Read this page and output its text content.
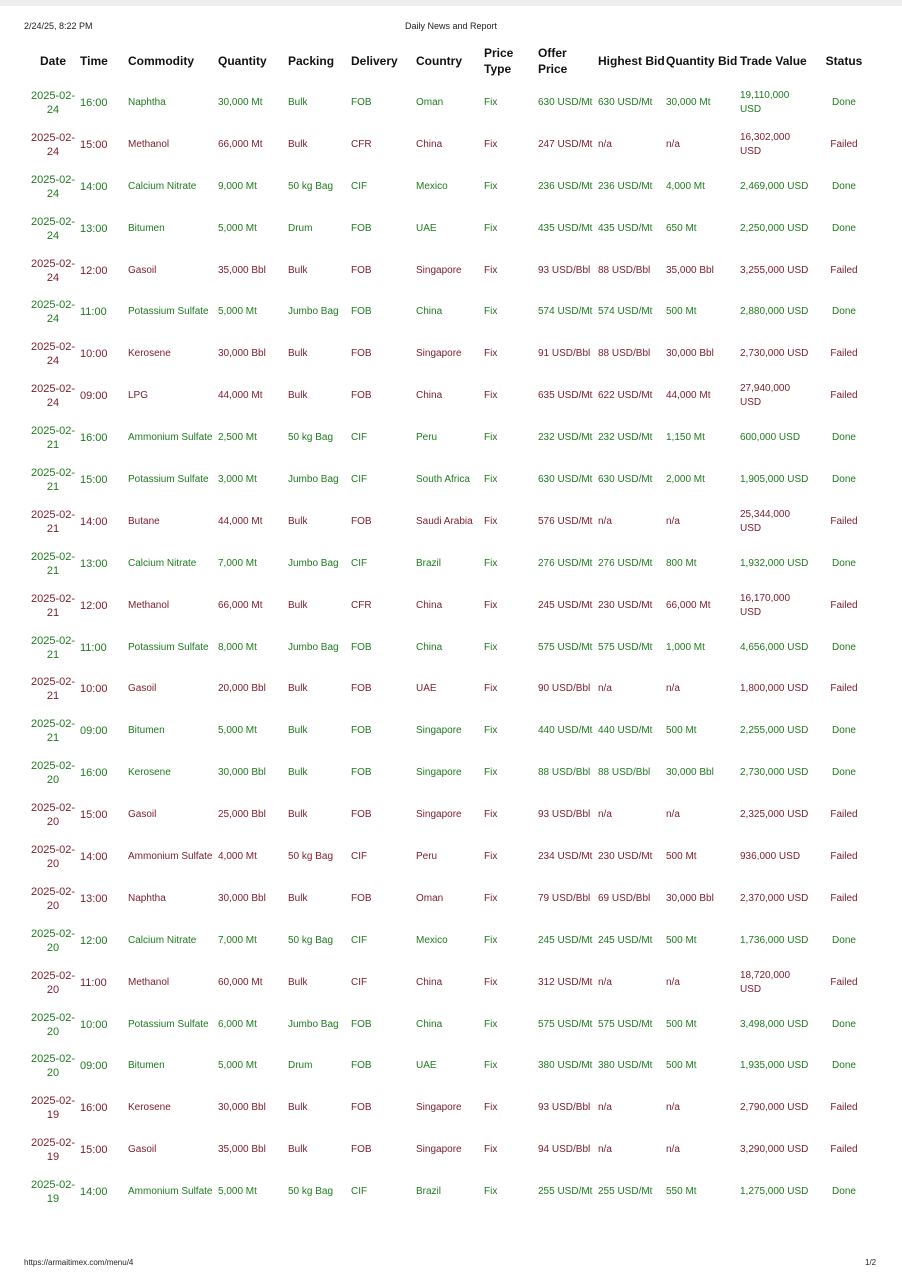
2/24/25, 8:22 PM	Daily News and Report
Date	Time	Commodity	Quantity	Packing	Delivery	Country	Price Type	Offer Price	Highest Bid	Quantity Bid	Trade Value	Status
2025-02-24	16:00	Naphtha	30,000 Mt	Bulk	FOB	Oman	Fix	630 USD/Mt	630 USD/Mt	30,000 Mt	19,110,000 USD	Done
2025-02-24	15:00	Methanol	66,000 Mt	Bulk	CFR	China	Fix	247 USD/Mt	n/a	n/a	16,302,000 USD	Failed
2025-02-24	14:00	Calcium Nitrate	9,000 Mt	50 kg Bag	CIF	Mexico	Fix	236 USD/Mt	236 USD/Mt	4,000 Mt	2,469,000 USD	Done
2025-02-24	13:00	Bitumen	5,000 Mt	Drum	FOB	UAE	Fix	435 USD/Mt	435 USD/Mt	650 Mt	2,250,000 USD	Done
2025-02-24	12:00	Gasoil	35,000 Bbl	Bulk	FOB	Singapore	Fix	93 USD/Bbl	88 USD/Bbl	35,000 Bbl	3,255,000 USD	Failed
2025-02-24	11:00	Potassium Sulfate	5,000 Mt	Jumbo Bag	FOB	China	Fix	574 USD/Mt	574 USD/Mt	500 Mt	2,880,000 USD	Done
2025-02-24	10:00	Kerosene	30,000 Bbl	Bulk	FOB	Singapore	Fix	91 USD/Bbl	88 USD/Bbl	30,000 Bbl	2,730,000 USD	Failed
2025-02-24	09:00	LPG	44,000 Mt	Bulk	FOB	China	Fix	635 USD/Mt	622 USD/Mt	44,000 Mt	27,940,000 USD	Failed
2025-02-21	16:00	Ammonium Sulfate	2,500 Mt	50 kg Bag	CIF	Peru	Fix	232 USD/Mt	232 USD/Mt	1,150 Mt	600,000 USD	Done
2025-02-21	15:00	Potassium Sulfate	3,000 Mt	Jumbo Bag	CIF	South Africa	Fix	630 USD/Mt	630 USD/Mt	2,000 Mt	1,905,000 USD	Done
2025-02-21	14:00	Butane	44,000 Mt	Bulk	FOB	Saudi Arabia	Fix	576 USD/Mt	n/a	n/a	25,344,000 USD	Failed
2025-02-21	13:00	Calcium Nitrate	7,000 Mt	Jumbo Bag	CIF	Brazil	Fix	276 USD/Mt	276 USD/Mt	800 Mt	1,932,000 USD	Done
2025-02-21	12:00	Methanol	66,000 Mt	Bulk	CFR	China	Fix	245 USD/Mt	230 USD/Mt	66,000 Mt	16,170,000 USD	Failed
2025-02-21	11:00	Potassium Sulfate	8,000 Mt	Jumbo Bag	FOB	China	Fix	575 USD/Mt	575 USD/Mt	1,000 Mt	4,656,000 USD	Done
2025-02-21	10:00	Gasoil	20,000 Bbl	Bulk	FOB	UAE	Fix	90 USD/Bbl	n/a	n/a	1,800,000 USD	Failed
2025-02-21	09:00	Bitumen	5,000 Mt	Bulk	FOB	Singapore	Fix	440 USD/Mt	440 USD/Mt	500 Mt	2,255,000 USD	Done
2025-02-20	16:00	Kerosene	30,000 Bbl	Bulk	FOB	Singapore	Fix	88 USD/Bbl	88 USD/Bbl	30,000 Bbl	2,730,000 USD	Done
2025-02-20	15:00	Gasoil	25,000 Bbl	Bulk	FOB	Singapore	Fix	93 USD/Bbl	n/a	n/a	2,325,000 USD	Failed
2025-02-20	14:00	Ammonium Sulfate	4,000 Mt	50 kg Bag	CIF	Peru	Fix	234 USD/Mt	230 USD/Mt	500 Mt	936,000 USD	Failed
2025-02-20	13:00	Naphtha	30,000 Bbl	Bulk	FOB	Oman	Fix	79 USD/Bbl	69 USD/Bbl	30,000 Bbl	2,370,000 USD	Failed
2025-02-20	12:00	Calcium Nitrate	7,000 Mt	50 kg Bag	CIF	Mexico	Fix	245 USD/Mt	245 USD/Mt	500 Mt	1,736,000 USD	Done
2025-02-20	11:00	Methanol	60,000 Mt	Bulk	CIF	China	Fix	312 USD/Mt	n/a	n/a	18,720,000 USD	Failed
2025-02-20	10:00	Potassium Sulfate	6,000 Mt	Jumbo Bag	FOB	China	Fix	575 USD/Mt	575 USD/Mt	500 Mt	3,498,000 USD	Done
2025-02-20	09:00	Bitumen	5,000 Mt	Drum	FOB	UAE	Fix	380 USD/Mt	380 USD/Mt	500 Mt	1,935,000 USD	Done
2025-02-19	16:00	Kerosene	30,000 Bbl	Bulk	FOB	Singapore	Fix	93 USD/Bbl	n/a	n/a	2,790,000 USD	Failed
2025-02-19	15:00	Gasoil	35,000 Bbl	Bulk	FOB	Singapore	Fix	94 USD/Bbl	n/a	n/a	3,290,000 USD	Failed
2025-02-19	14:00	Ammonium Sulfate	5,000 Mt	50 kg Bag	CIF	Brazil	Fix	255 USD/Mt	255 USD/Mt	550 Mt	1,275,000 USD	Done
https://armaitimex.com/menu/4	1/2
